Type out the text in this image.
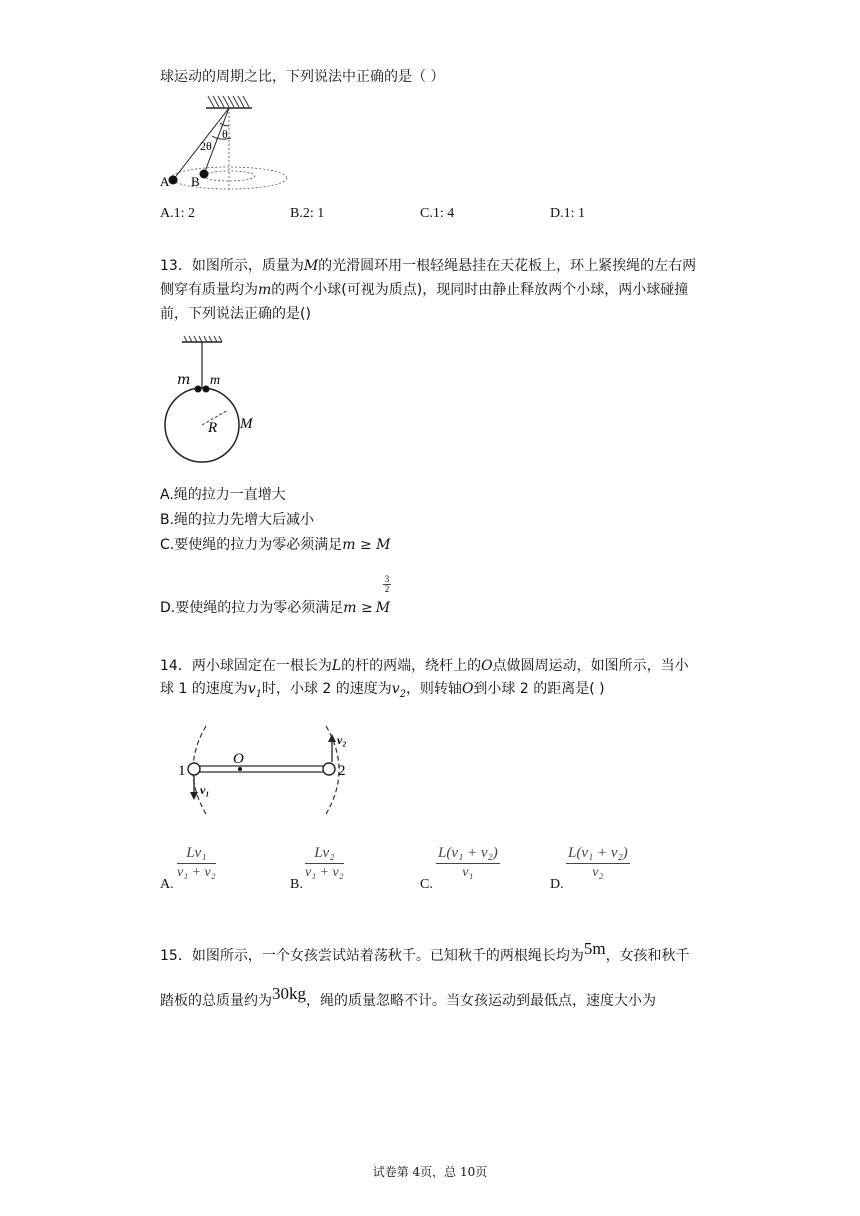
球运动的周期之比，下列说法中正确的是（ ）
θ
2θ
A B
A.1: 2	B.2: 1	C.1: 4	D.1: 1
13．如图所示，质量为M的光滑圆环用一根轻绳悬挂在天花板上，环上紧挨绳的左右两
侧穿有质量均为m的两个小球(可视为质点)，现同时由静止释放两个小球，两小球碰撞
前，下列说法正确的是()
m m
R M
A.绳的拉力一直增大
B.绳的拉力先增大后减小
C.要使绳的拉力为零必须满足m ≥ M
D.要使绳的拉力为零必须满足m ≥ M
3
2
14．两小球固定在一根长为L的杆的两端，绕杆上的O点做圆周运动，如图所示，当小
球 1 的速度为$v_1$时，小球 2 的速度为$v_2$，则转轴O到小球 2 的距离是( )
1	2
O
v₁
v₂
A.
$\frac{\text{Lv₁}}{\text{v₁ + v₂}}$
B.
$\frac{\text{Lv₂}}{\text{v₁ + v₂}}$
C.
$\frac{\text{L(v₁ + v₂)}}{\text{v₁}}$
D.
$\frac{\text{L(v₁ + v₂)}}{\text{v₂}}$
15．如图所示，一个女孩尝试站着荡秋千。已知秋千的两根绳长均为5m，女孩和秋千
踏板的总质量约为30kg，绳的质量忽略不计。当女孩运动到最低点，速度大小为
试卷第 4页，总 10页
